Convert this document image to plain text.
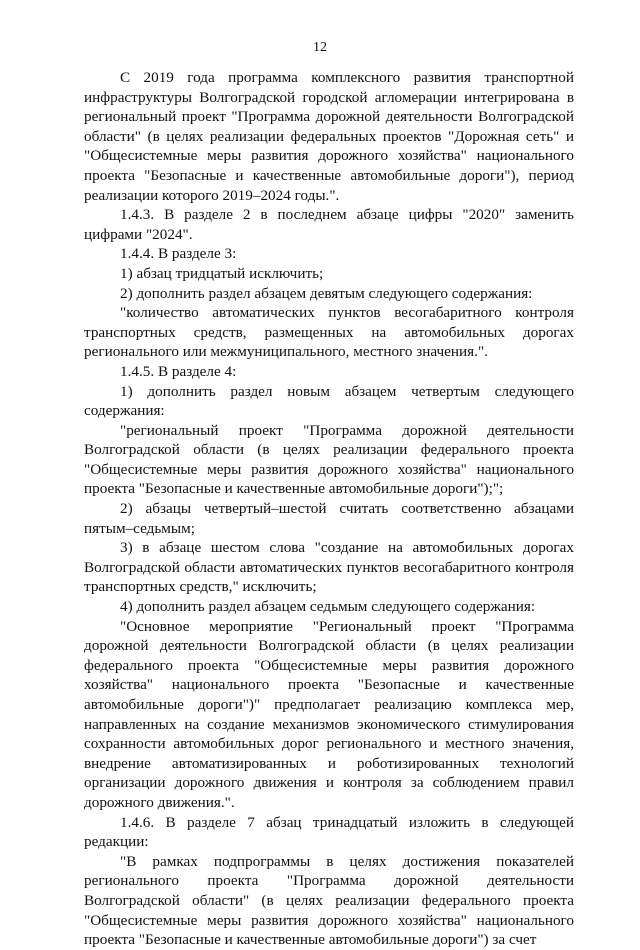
12

С 2019 года программа комплексного развития транспортной инфраструктуры Волгоградской городской агломерации интегрирована в региональный проект "Программа дорожной деятельности Волгоградской области" (в целях реализации федеральных проектов "Дорожная сеть" и "Общесистемные меры развития дорожного хозяйства" национального проекта "Безопасные и качественные автомобильные дороги"), период реализации которого 2019–2024 годы.".

1.4.3. В разделе 2 в последнем абзаце цифры "2020" заменить цифрами "2024".

1.4.4. В разделе 3:

1) абзац тридцатый исключить;

2) дополнить раздел абзацем девятым следующего содержания:

"количество автоматических пунктов весогабаритного контроля транспортных средств, размещенных на автомобильных дорогах регионального или межмуниципального, местного значения.".

1.4.5. В разделе 4:

1) дополнить раздел новым абзацем четвертым следующего содержания:

"региональный проект "Программа дорожной деятельности Волгоградской области (в целях реализации федерального проекта "Общесистемные меры развития дорожного хозяйства" национального проекта "Безопасные и качественные автомобильные дороги");";

2) абзацы четвертый–шестой считать соответственно абзацами пятым–седьмым;

3) в абзаце шестом слова "создание на автомобильных дорогах Волгоградской области автоматических пунктов весогабаритного контроля транспортных средств," исключить;

4) дополнить раздел абзацем седьмым следующего содержания:

"Основное мероприятие "Региональный проект "Программа дорожной деятельности Волгоградской области (в целях реализации федерального проекта "Общесистемные меры развития дорожного хозяйства" национального проекта "Безопасные и качественные автомобильные дороги")" предполагает реализацию комплекса мер, направленных на создание механизмов экономического стимулирования сохранности автомобильных дорог регионального и местного значения, внедрение автоматизированных и роботизированных технологий организации дорожного движения и контроля за соблюдением правил дорожного движения.".

1.4.6. В разделе 7 абзац тринадцатый изложить в следующей редакции:

"В рамках подпрограммы в целях достижения показателей регионального проекта "Программа дорожной деятельности Волгоградской области" (в целях реализации федерального проекта "Общесистемные меры развития дорожного хозяйства" национального проекта "Безопасные и качественные автомобильные дороги") за счет
